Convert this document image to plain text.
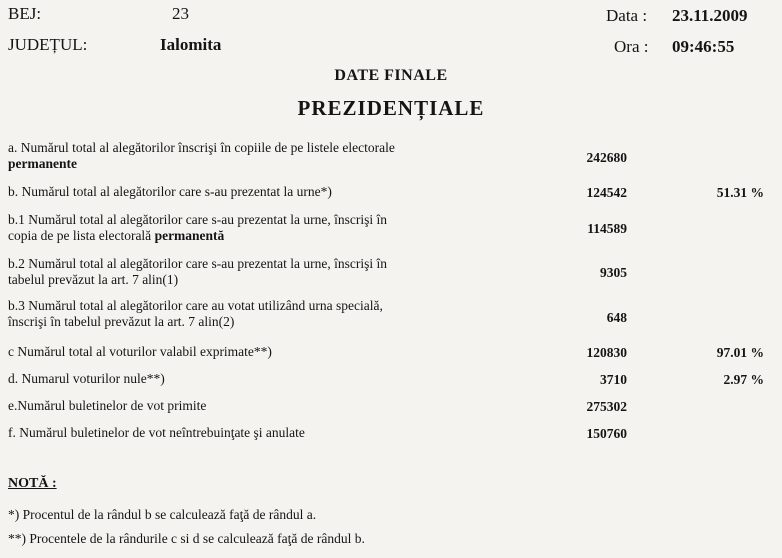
BEJ:	23	Data : 23.11.2009
JUDEȚUL:	Ialomita	Ora : 09:46:55
DATE FINALE
PREZIDENȚIALE
a. Numărul total al alegătorilor înscrişi în copiile de pe listele electorale
permanente	242680
b. Numărul total al alegătorilor care s-au prezentat la urne*)	124542	51.31 %
b.1 Numărul total al alegătorilor care s-au prezentat la urne, înscrişi în
copia de pe lista electorală permanentă	114589
b.2 Numărul total al alegătorilor care s-au prezentat la urne, înscrişi în
tabelul prevăzut la art. 7 alin(1)	9305
b.3 Numărul total al alegătorilor care au votat utilizând urna specială,
înscrişi în tabelul prevăzut la art. 7 alin(2)	648
c Numărul total al voturilor valabil exprimate**)	120830	97.01 %
d. Numarul voturilor nule**)	3710	2.97 %
e.Numărul buletinelor de vot primite	275302
f. Numărul buletinelor de vot neîntrebuinţate şi anulate	150760
NOTĂ :
*) Procentul de la rândul b se calculează faţă de rândul a.
**) Procentele de la rândurile c si d se calculează faţă de rândul b.
